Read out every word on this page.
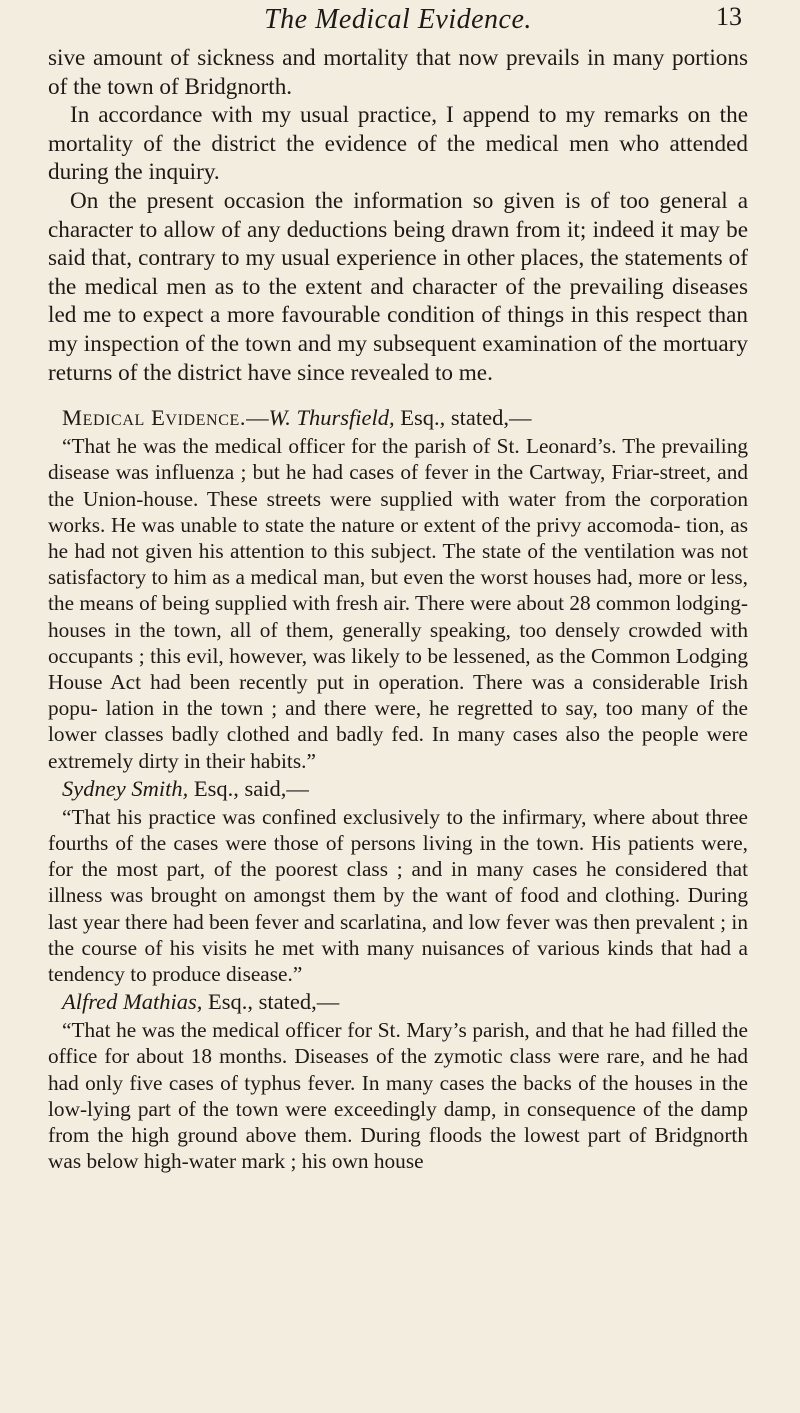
The Medical Evidence.	13

sive amount of sickness and mortality that now prevails in many portions of the town of Bridgnorth.

In accordance with my usual practice, I append to my remarks on the mortality of the district the evidence of the medical men who attended during the inquiry.

On the present occasion the information so given is of too general a character to allow of any deductions being drawn from it; indeed it may be said that, contrary to my usual experience in other places, the statements of the medical men as to the extent and character of the prevailing diseases led me to expect a more favourable condition of things in this respect than my inspection of the town and my subsequent examination of the mortuary returns of the district have since revealed to me.

Medical Evidence.—W. Thursfield, Esq., stated,—

“That he was the medical officer for the parish of St. Leonard’s. The prevailing disease was influenza ; but he had cases of fever in the Cartway, Friar-street, and the Union-house. These streets were supplied with water from the corporation works. He was unable to state the nature or extent of the privy accomoda- tion, as he had not given his attention to this subject. The state of the ventilation was not satisfactory to him as a medical man, but even the worst houses had, more or less, the means of being supplied with fresh air. There were about 28 common lodging-houses in the town, all of them, generally speaking, too densely crowded with occupants ; this evil, however, was likely to be lessened, as the Common Lodging House Act had been recently put in operation. There was a considerable Irish popu- lation in the town ; and there were, he regretted to say, too many of the lower classes badly clothed and badly fed. In many cases also the people were extremely dirty in their habits.”

Sydney Smith, Esq., said,—

“That his practice was confined exclusively to the infirmary, where about three fourths of the cases were those of persons living in the town. His patients were, for the most part, of the poorest class ; and in many cases he considered that illness was brought on amongst them by the want of food and clothing. During last year there had been fever and scarlatina, and low fever was then prevalent ; in the course of his visits he met with many nuisances of various kinds that had a tendency to produce disease.”

Alfred Mathias, Esq., stated,—

“That he was the medical officer for St. Mary’s parish, and that he had filled the office for about 18 months. Diseases of the zymotic class were rare, and he had had only five cases of typhus fever. In many cases the backs of the houses in the low-lying part of the town were exceedingly damp, in consequence of the damp from the high ground above them. During floods the lowest part of Bridgnorth was below high-water mark ; his own house
